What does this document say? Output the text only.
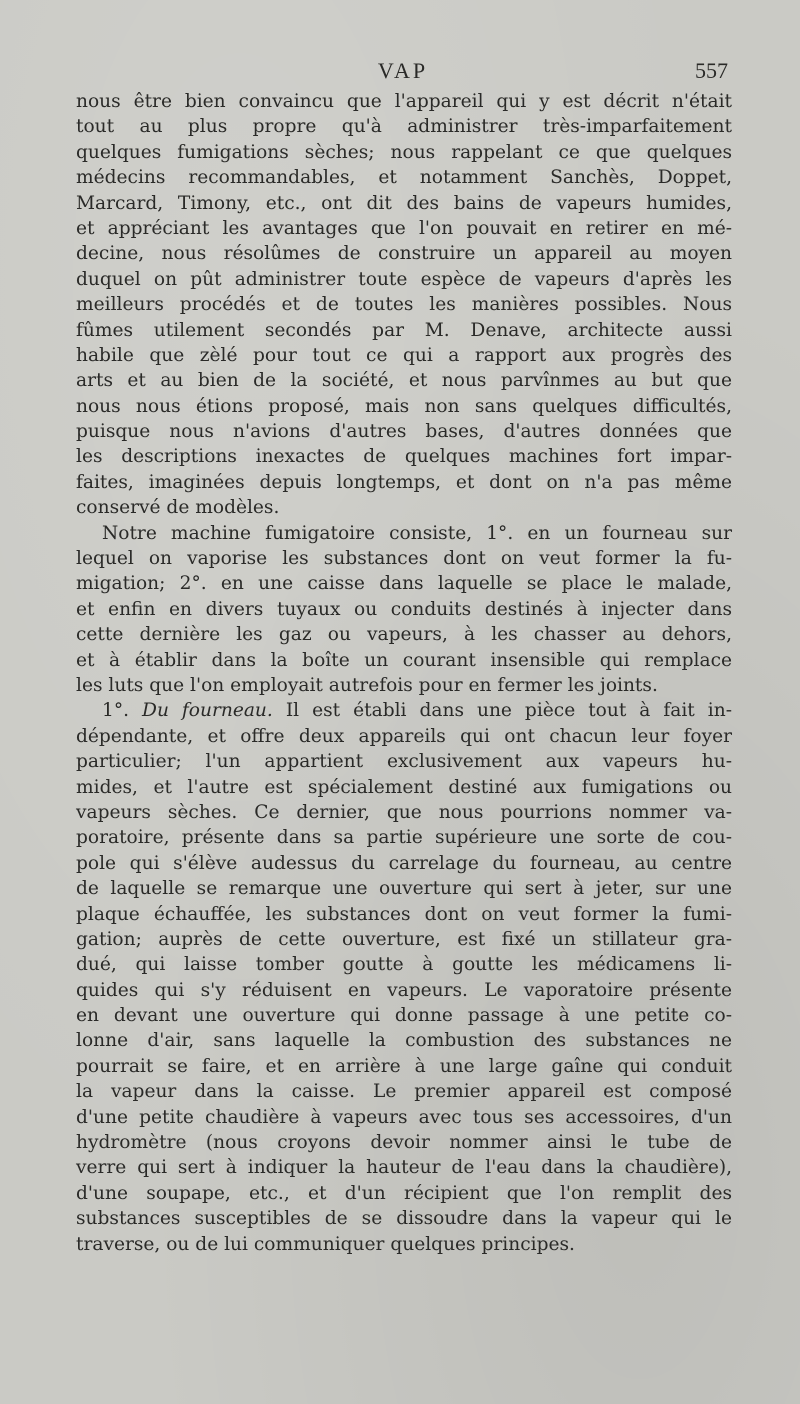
VAP	557
nous être bien convaincu que l'appareil qui y est décrit n'était
tout au plus propre qu'à administrer très-imparfaitement
quelques fumigations sèches; nous rappelant ce que quelques
médecins recommandables, et notamment Sanchès, Doppet,
Marcard, Timony, etc., ont dit des bains de vapeurs humides,
et appréciant les avantages que l'on pouvait en retirer en mé-
decine, nous résolûmes de construire un appareil au moyen
duquel on pût administrer toute espèce de vapeurs d'après les
meilleurs procédés et de toutes les manières possibles. Nous
fûmes utilement secondés par M. Denave, architecte aussi
habile que zèlé pour tout ce qui a rapport aux progrès des
arts et au bien de la société, et nous parvînmes au but que
nous nous étions proposé, mais non sans quelques difficultés,
puisque nous n'avions d'autres bases, d'autres données que
les descriptions inexactes de quelques machines fort impar-
faites, imaginées depuis longtemps, et dont on n'a pas même
conservé de modèles.
Notre machine fumigatoire consiste, 1°. en un fourneau sur
lequel on vaporise les substances dont on veut former la fu-
migation; 2°. en une caisse dans laquelle se place le malade,
et enfin en divers tuyaux ou conduits destinés à injecter dans
cette dernière les gaz ou vapeurs, à les chasser au dehors,
et à établir dans la boîte un courant insensible qui remplace
les luts que l'on employait autrefois pour en fermer les joints.
1°. Du fourneau. Il est établi dans une pièce tout à fait in-
dépendante, et offre deux appareils qui ont chacun leur foyer
particulier; l'un appartient exclusivement aux vapeurs hu-
mides, et l'autre est spécialement destiné aux fumigations ou
vapeurs sèches. Ce dernier, que nous pourrions nommer va-
poratoire, présente dans sa partie supérieure une sorte de cou-
pole qui s'élève audessus du carrelage du fourneau, au centre
de laquelle se remarque une ouverture qui sert à jeter, sur une
plaque échauffée, les substances dont on veut former la fumi-
gation; auprès de cette ouverture, est fixé un stillateur gra-
dué, qui laisse tomber goutte à goutte les médicamens li-
quides qui s'y réduisent en vapeurs. Le vaporatoire présente
en devant une ouverture qui donne passage à une petite co-
lonne d'air, sans laquelle la combustion des substances ne
pourrait se faire, et en arrière à une large gaîne qui conduit
la vapeur dans la caisse. Le premier appareil est composé
d'une petite chaudière à vapeurs avec tous ses accessoires, d'un
hydromètre (nous croyons devoir nommer ainsi le tube de
verre qui sert à indiquer la hauteur de l'eau dans la chaudière),
d'une soupape, etc., et d'un récipient que l'on remplit des
substances susceptibles de se dissoudre dans la vapeur qui le
traverse, ou de lui communiquer quelques principes.
